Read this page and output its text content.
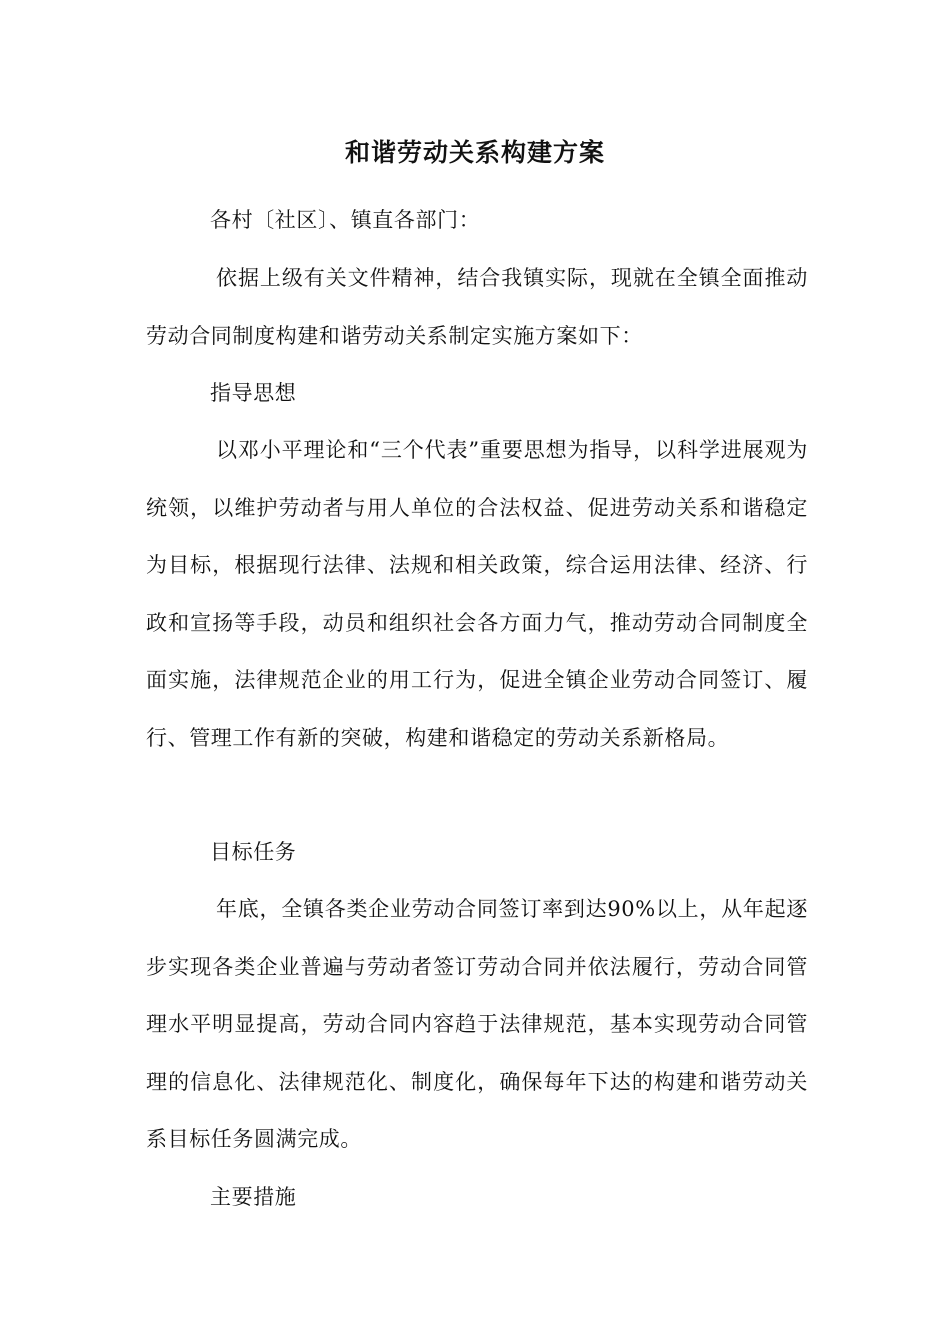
和谐劳动关系构建方案

各村〔社区〕、镇直各部门：

依据上级有关文件精神，结合我镇实际，现就在全镇全面推动劳动合同制度构建和谐劳动关系制定实施方案如下：

指导思想

以邓小平理论和“三个代表”重要思想为指导，以科学进展观为统领，以维护劳动者与用人单位的合法权益、促进劳动关系和谐稳定为目标，根据现行法律、法规和相关政策，综合运用法律、经济、行政和宣扬等手段，动员和组织社会各方面力气，推动劳动合同制度全面实施，法律规范企业的用工行为，促进全镇企业劳动合同签订、履行、管理工作有新的突破，构建和谐稳定的劳动关系新格局。

目标任务

年底，全镇各类企业劳动合同签订率到达90%以上，从年起逐步实现各类企业普遍与劳动者签订劳动合同并依法履行，劳动合同管理水平明显提高，劳动合同内容趋于法律规范，基本实现劳动合同管理的信息化、法律规范化、制度化，确保每年下达的构建和谐劳动关系目标任务圆满完成。

主要措施
